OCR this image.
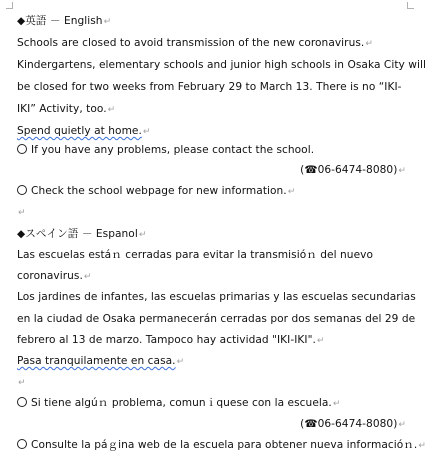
◆英語 － English↵
Schools are closed to avoid transmission of the new coronavirus.↵
Kindergartens, elementary schools and junior high schools in Osaka City will
be closed for two weeks from February 29 to March 13. There is no “IKI-
IKI” Activity, too.↵
Spend quietly at home.↵
If you have any problems, please contact the school.
(☎06-6474-8080)↵
Check the school webpage for new information.↵
↵
◆スペイン語 － Espanol↵
Las escuelas estáｎ cerradas para evitar la transmisióｎ del nuevo
coronavirus.↵
Los jardines de infantes, las escuelas primarias y las escuelas secundarias
en la ciudad de Osaka permanecerán cerradas por dos semanas del 29 de
febrero al 13 de marzo. Tampoco hay actividad "IKI-IKI".↵
Pasa tranquilamente en casa.↵
↵
Si tiene algúｎ problema, comunｉquese con la escuela.↵
(☎06-6474-8080)↵
Consulte la páｇina web de la escuela para obtener nueva informacióｎ.↵
